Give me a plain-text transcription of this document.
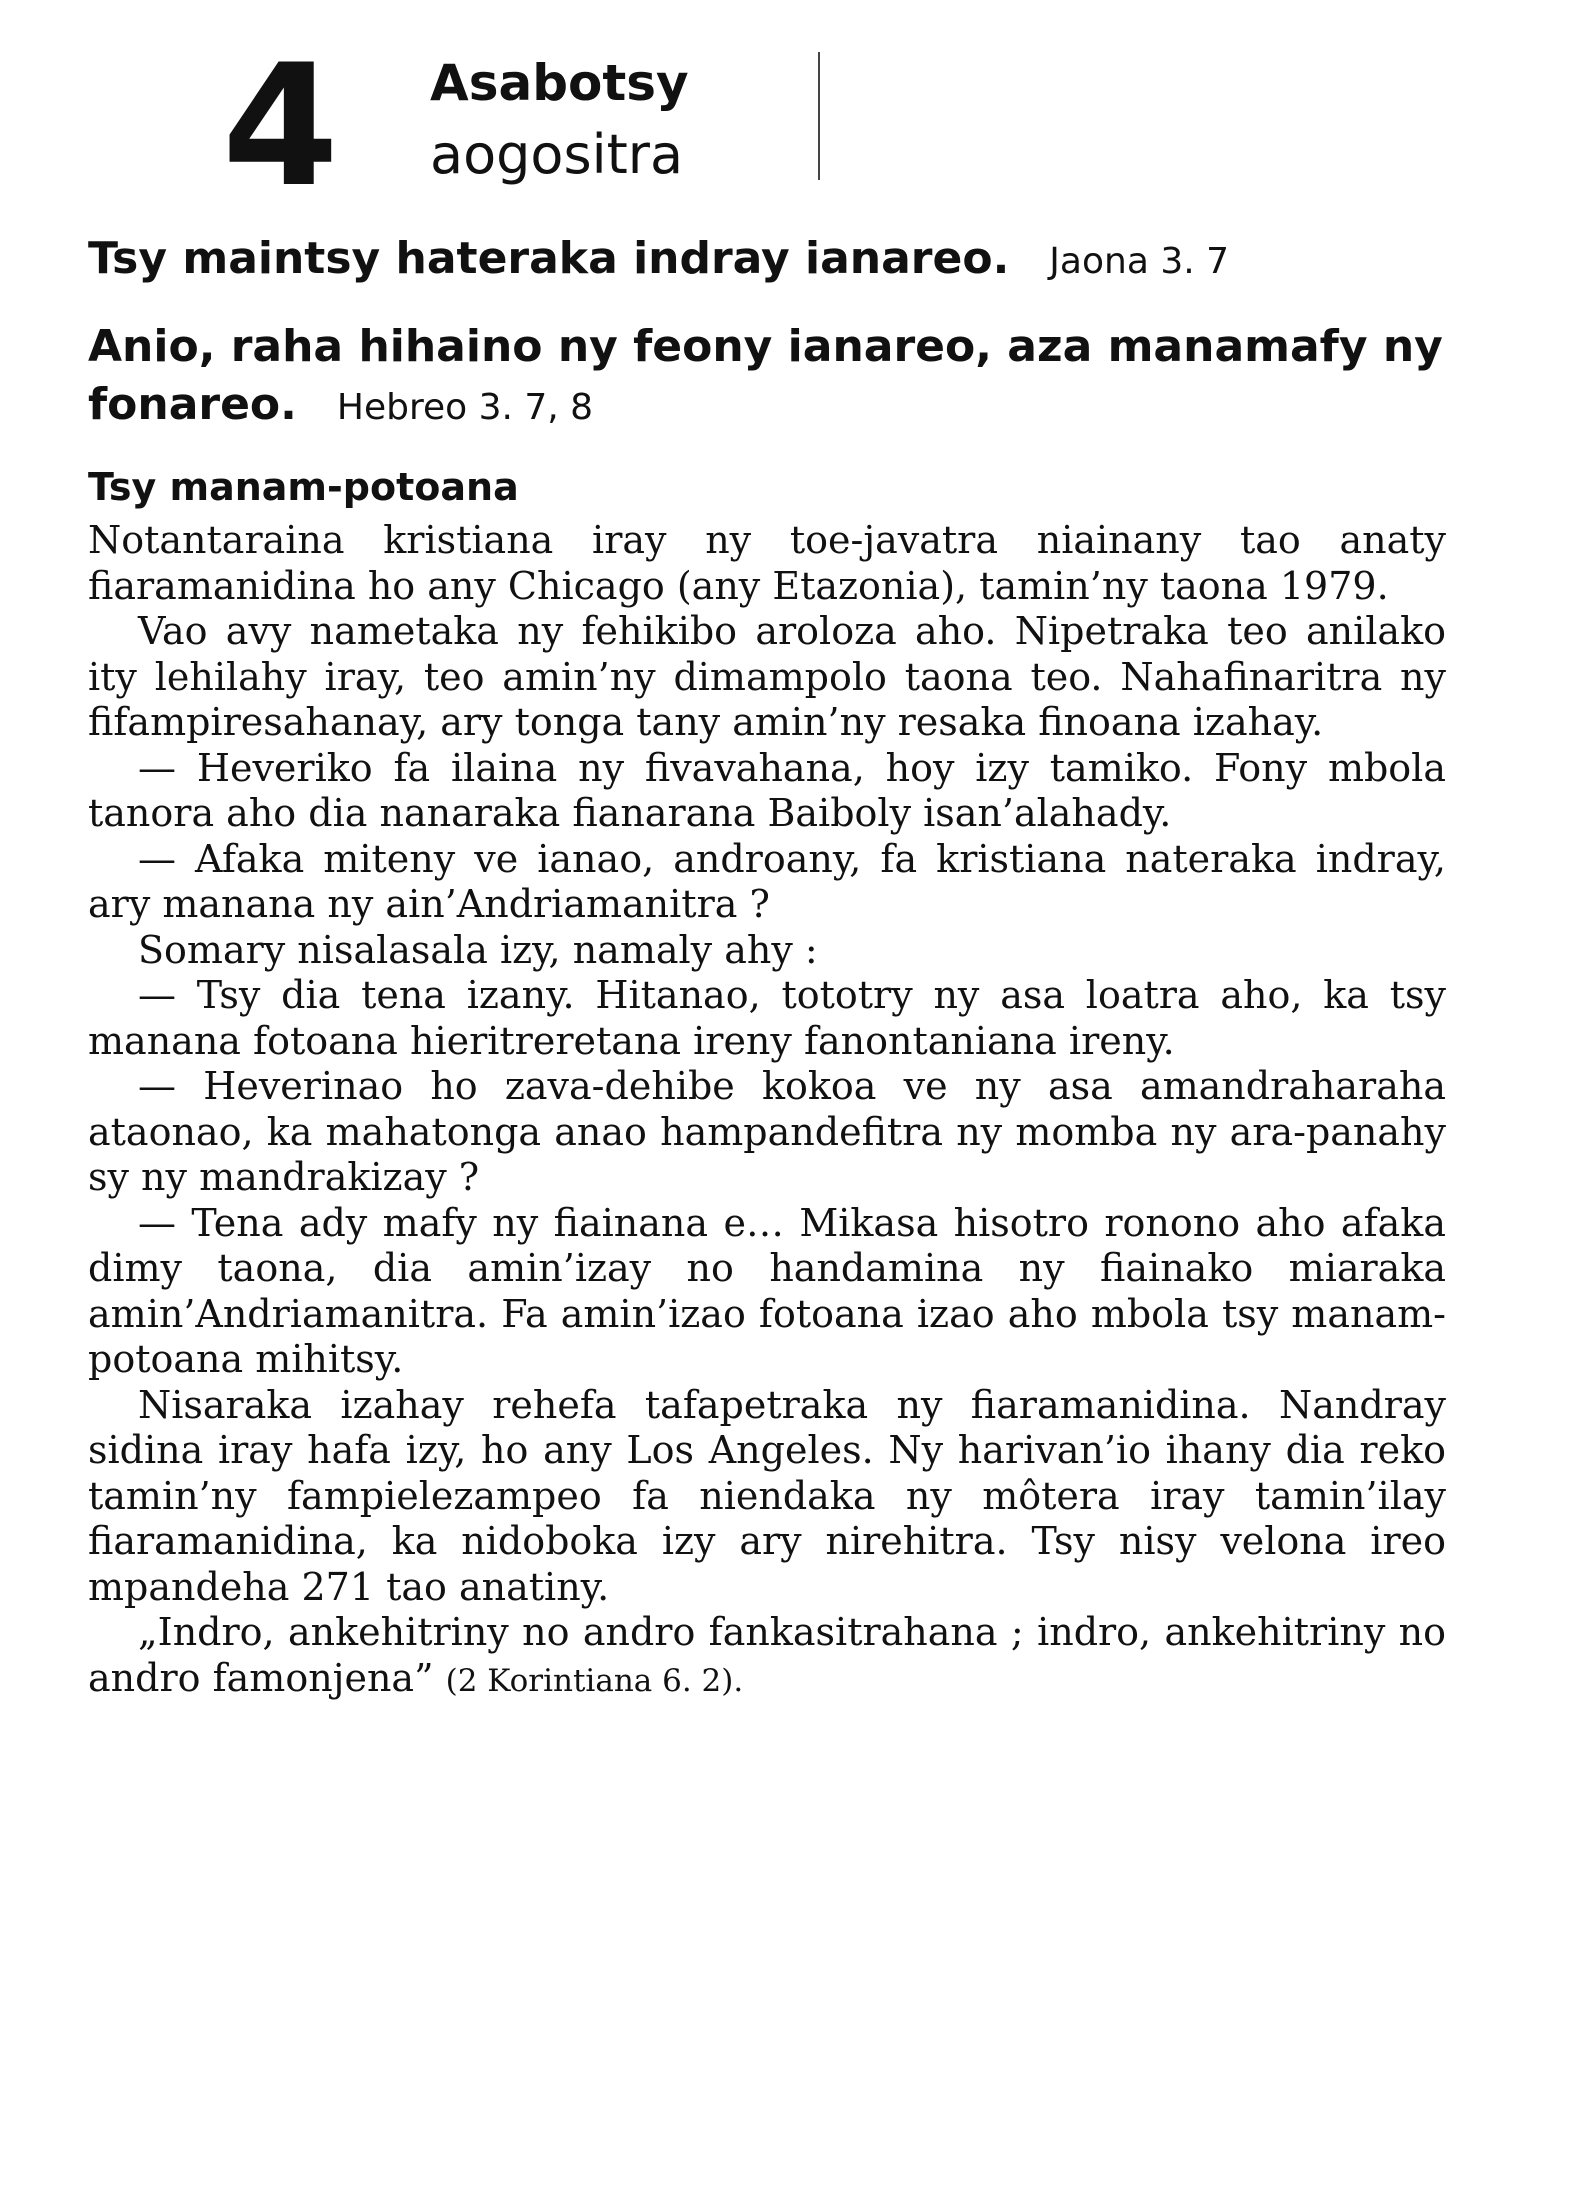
4 Asabotsy
aogositra
Tsy maintsy hateraka indray ianareo. Jaona 3. 7
Anio, raha hihaino ny feony ianareo, aza manamafy ny fonareo. Hebreo 3. 7, 8
Tsy manam-potoana

Notantaraina kristiana iray ny toe-javatra niainany tao anaty fiaramanidina ho any Chicago (any Etazonia), tamin’ny taona 1979.

Vao avy nametaka ny fehikibo aroloza aho. Nipetraka teo anilako ity lehilahy iray, teo amin’ny dimampolo taona teo. Nahafinaritra ny fifampiresahanay, ary tonga tany amin’ny resaka finoana izahay.

— Heveriko fa ilaina ny fivavahana, hoy izy tamiko. Fony mbola tanora aho dia nanaraka fianarana Baiboly isan’alahady.

— Afaka miteny ve ianao, androany, fa kristiana nateraka indray, ary manana ny ain’Andriamanitra ?

Somary nisalasala izy, namaly ahy :

— Tsy dia tena izany. Hitanao, tototry ny asa loatra aho, ka tsy manana fotoana hieritreretana ireny fanontaniana ireny.

— Heverinao ho zava-dehibe kokoa ve ny asa amandraharaha ataonao, ka mahatonga anao hampandefitra ny momba ny ara-panahy sy ny mandrakizay ?

— Tena ady mafy ny fiainana e… Mikasa hisotro ronono aho afaka dimy taona, dia amin’izay no handamina ny fiainako miaraka amin’Andriamanitra. Fa amin’izao fotoana izao aho mbola tsy manam-potoana mihitsy.

Nisaraka izahay rehefa tafapetraka ny fiaramanidina. Nandray sidina iray hafa izy, ho any Los Angeles. Ny harivan’io ihany dia reko tamin’ny fampielezampeo fa niendaka ny môtera iray tamin’ilay fiaramanidina, ka nidoboka izy ary nirehitra. Tsy nisy velona ireo mpandeha 271 tao anatiny.

„Indro, ankehitriny no andro fankasitrahana ; indro, ankehitriny no andro famonjena” (2 Korintiana 6. 2).
